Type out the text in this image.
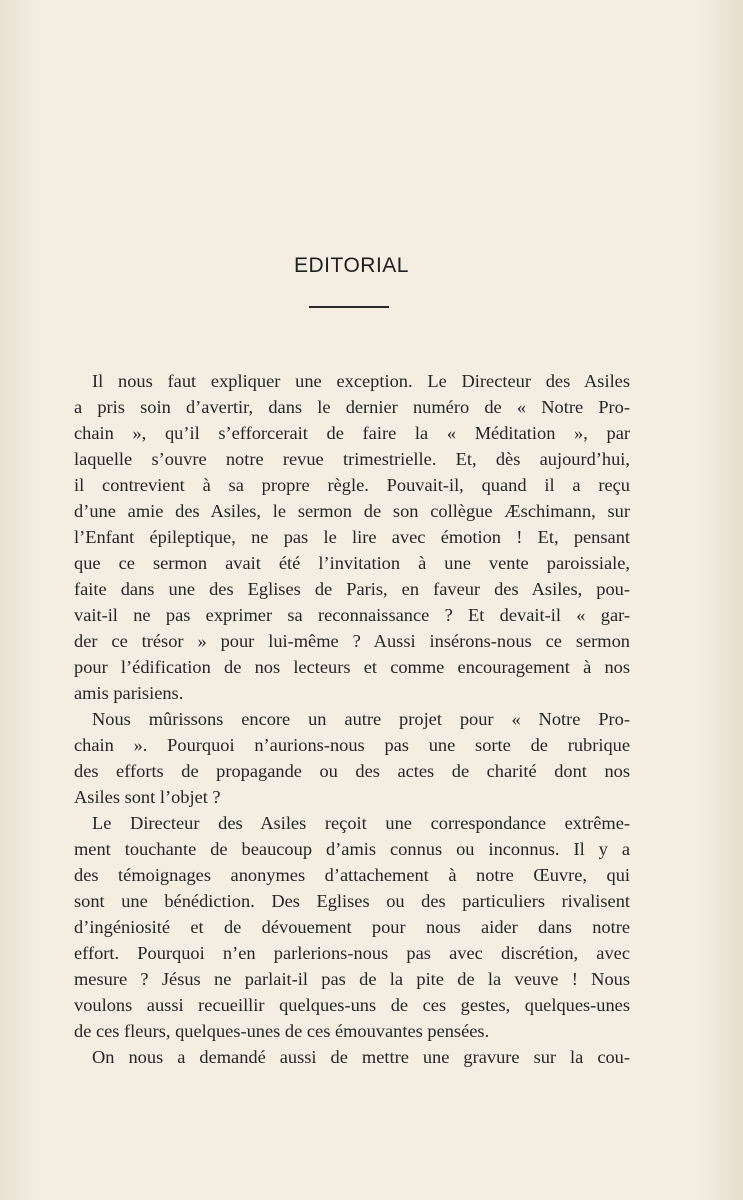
EDITORIAL
Il nous faut expliquer une exception. Le Directeur des Asiles
a pris soin d’avertir, dans le dernier numéro de « Notre Pro-
chain », qu’il s’efforcerait de faire la « Méditation », par
laquelle s’ouvre notre revue trimestrielle. Et, dès aujourd’hui,
il contrevient à sa propre règle. Pouvait-il, quand il a reçu
d’une amie des Asiles, le sermon de son collègue Æschimann, sur
l’Enfant épileptique, ne pas le lire avec émotion ! Et, pensant
que ce sermon avait été l’invitation à une vente paroissiale,
faite dans une des Eglises de Paris, en faveur des Asiles, pou-
vait-il ne pas exprimer sa reconnaissance ? Et devait-il « gar-
der ce trésor » pour lui-même ? Aussi insérons-nous ce sermon
pour l’édification de nos lecteurs et comme encouragement à nos
amis parisiens.
Nous mûrissons encore un autre projet pour « Notre Pro-
chain ». Pourquoi n’aurions-nous pas une sorte de rubrique
des efforts de propagande ou des actes de charité dont nos
Asiles sont l’objet ?
Le Directeur des Asiles reçoit une correspondance extrême-
ment touchante de beaucoup d’amis connus ou inconnus. Il y a
des témoignages anonymes d’attachement à notre Œuvre, qui
sont une bénédiction. Des Eglises ou des particuliers rivalisent
d’ingéniosité et de dévouement pour nous aider dans notre
effort. Pourquoi n’en parlerions-nous pas avec discrétion, avec
mesure ? Jésus ne parlait-il pas de la pite de la veuve ! Nous
voulons aussi recueillir quelques-uns de ces gestes, quelques-unes
de ces fleurs, quelques-unes de ces émouvantes pensées.
On nous a demandé aussi de mettre une gravure sur la cou-
